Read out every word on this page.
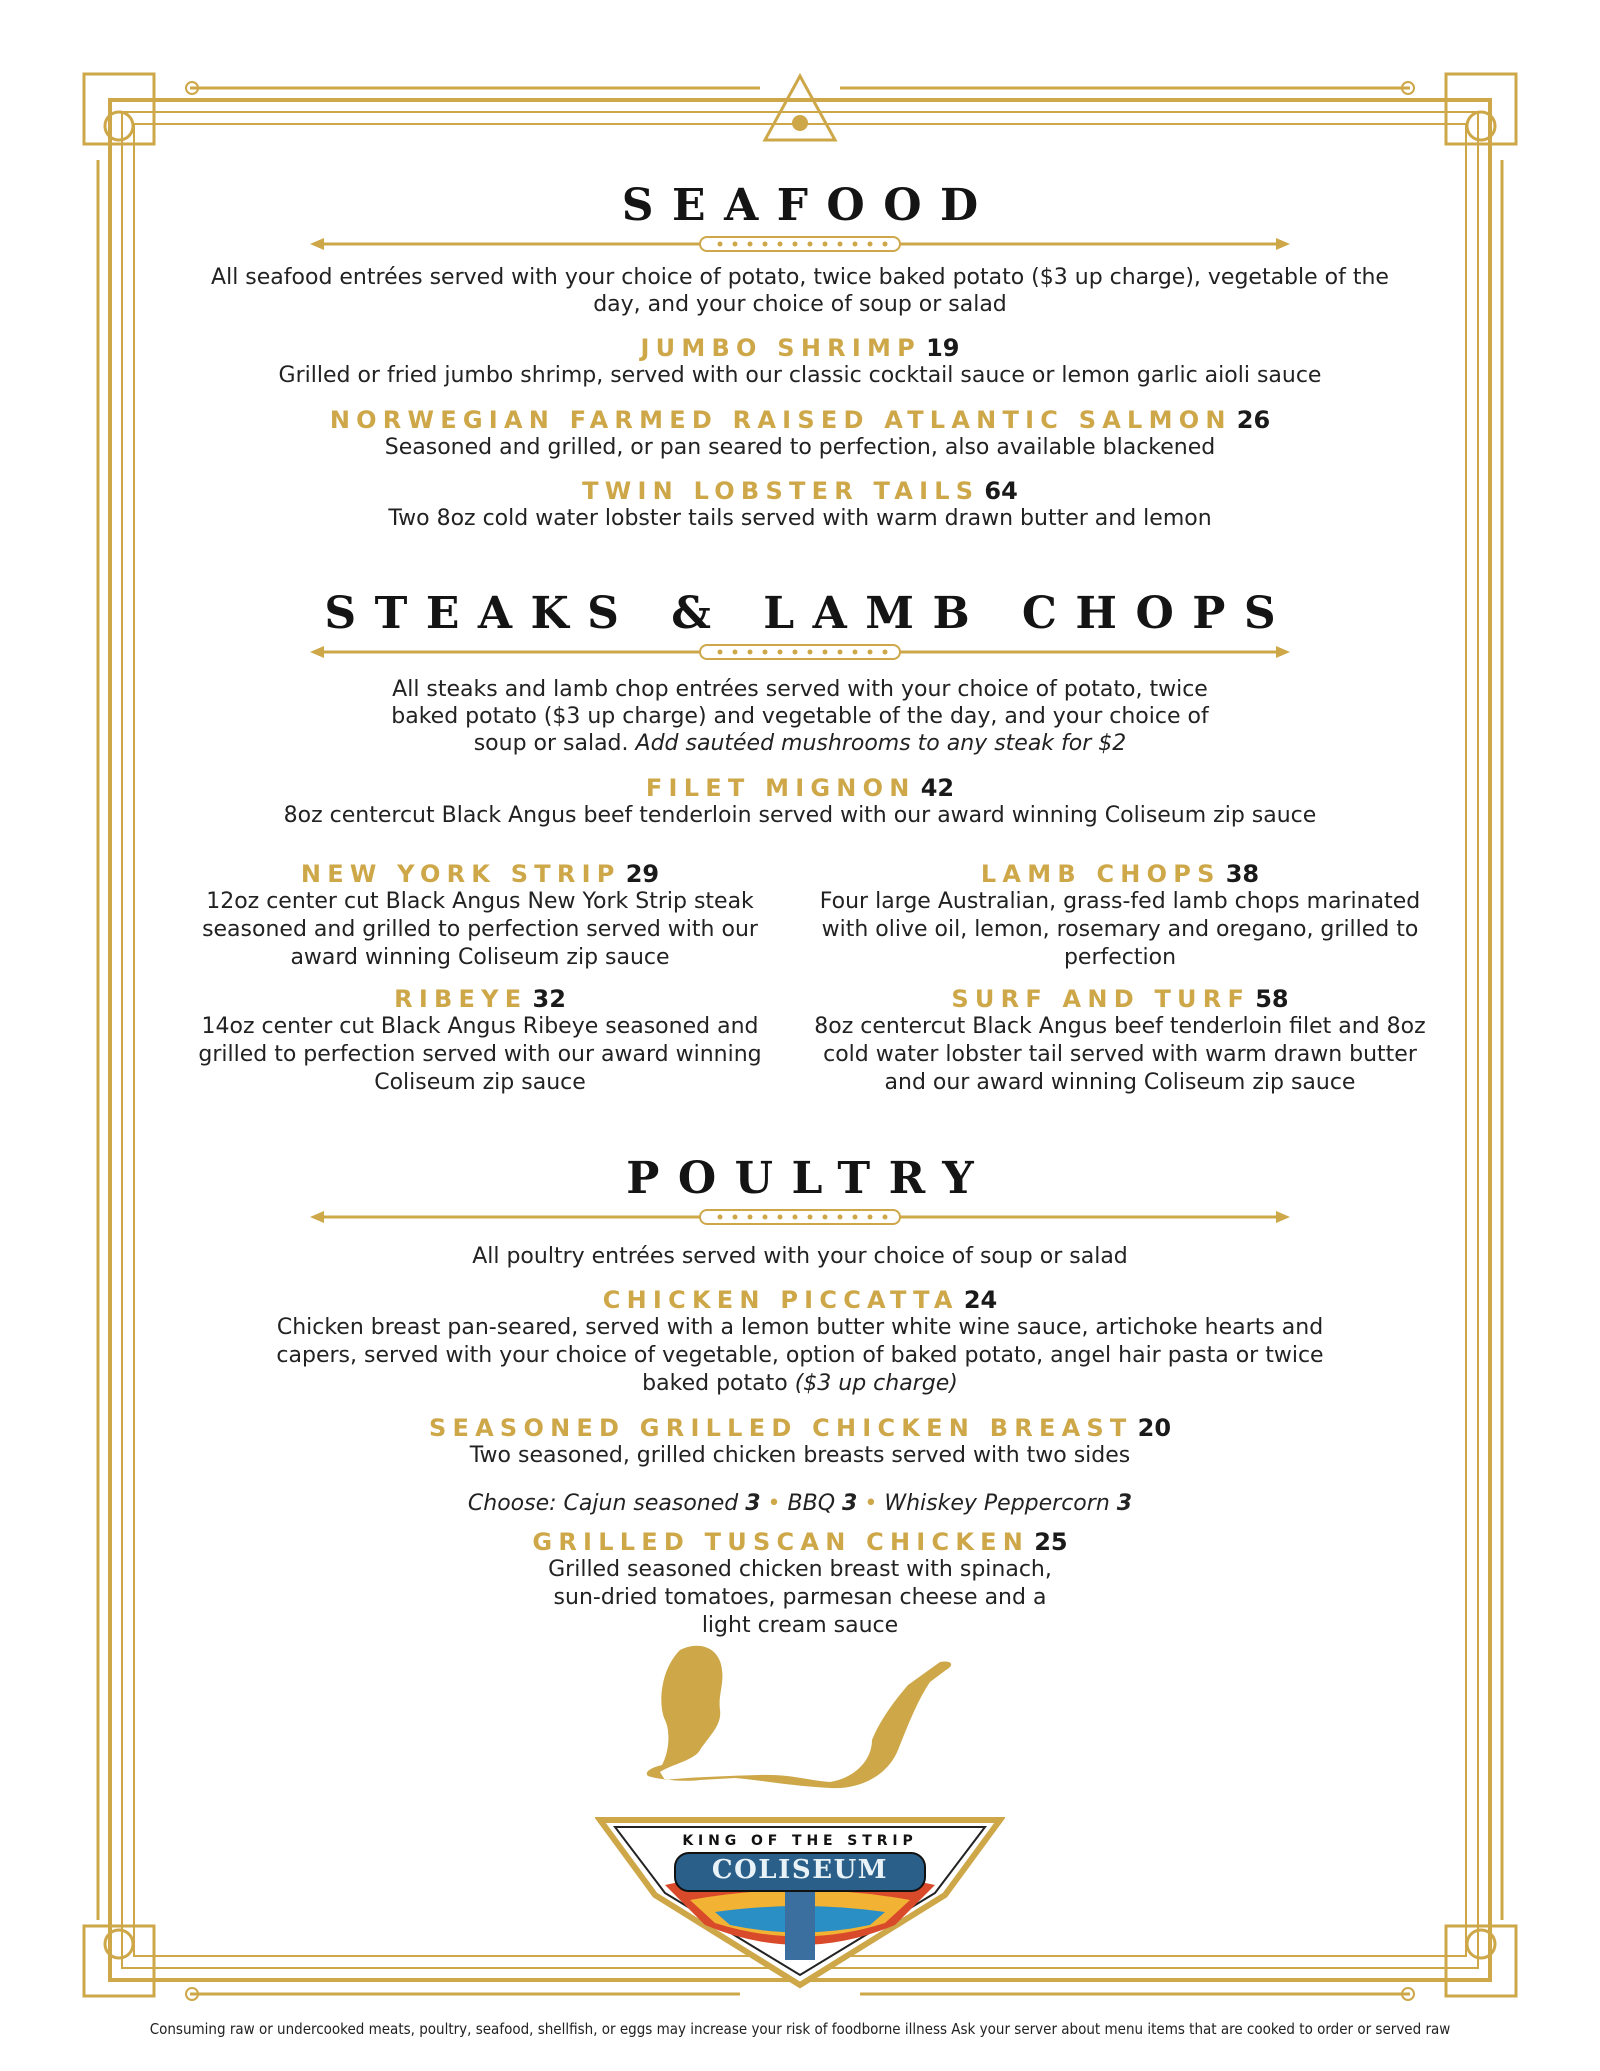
SEAFOOD
All seafood entrées served with your choice of potato, twice baked potato ($3 up charge), vegetable of the day, and your choice of soup or salad
JUMBO SHRIMP 19
Grilled or fried jumbo shrimp, served with our classic cocktail sauce or lemon garlic aioli sauce
NORWEGIAN FARMED RAISED ATLANTIC SALMON 26
Seasoned and grilled, or pan seared to perfection, also available blackened
TWIN LOBSTER TAILS 64
Two 8oz cold water lobster tails served with warm drawn butter and lemon
STEAKS & LAMB CHOPS
All steaks and lamb chop entrées served with your choice of potato, twice baked potato ($3 up charge) and vegetable of the day, and your choice of soup or salad. Add sautéed mushrooms to any steak for $2
FILET MIGNON 42
8oz centercut Black Angus beef tenderloin served with our award winning Coliseum zip sauce
NEW YORK STRIP 29
12oz center cut Black Angus New York Strip steak seasoned and grilled to perfection served with our award winning Coliseum zip sauce
LAMB CHOPS 38
Four large Australian, grass-fed lamb chops marinated with olive oil, lemon, rosemary and oregano, grilled to perfection
RIBEYE 32
14oz center cut Black Angus Ribeye seasoned and grilled to perfection served with our award winning Coliseum zip sauce
SURF AND TURF 58
8oz centercut Black Angus beef tenderloin filet and 8oz cold water lobster tail served with warm drawn butter and our award winning Coliseum zip sauce
POULTRY
All poultry entrées served with your choice of soup or salad
CHICKEN PICCATTA 24
Chicken breast pan-seared, served with a lemon butter white wine sauce, artichoke hearts and capers, served with your choice of vegetable, option of baked potato, angel hair pasta or twice baked potato ($3 up charge)
SEASONED GRILLED CHICKEN BREAST 20
Two seasoned, grilled chicken breasts served with two sides
Choose: Cajun seasoned 3 • BBQ 3 • Whiskey Peppercorn 3
GRILLED TUSCAN CHICKEN 25
Grilled seasoned chicken breast with spinach, sun-dried tomatoes, parmesan cheese and a light cream sauce
KING OF THE STRIP
COLISEUM
Consuming raw or undercooked meats, poultry, seafood, shellfish, or eggs may increase your risk of foodborne illness Ask your server about menu items that are cooked to order or served raw
